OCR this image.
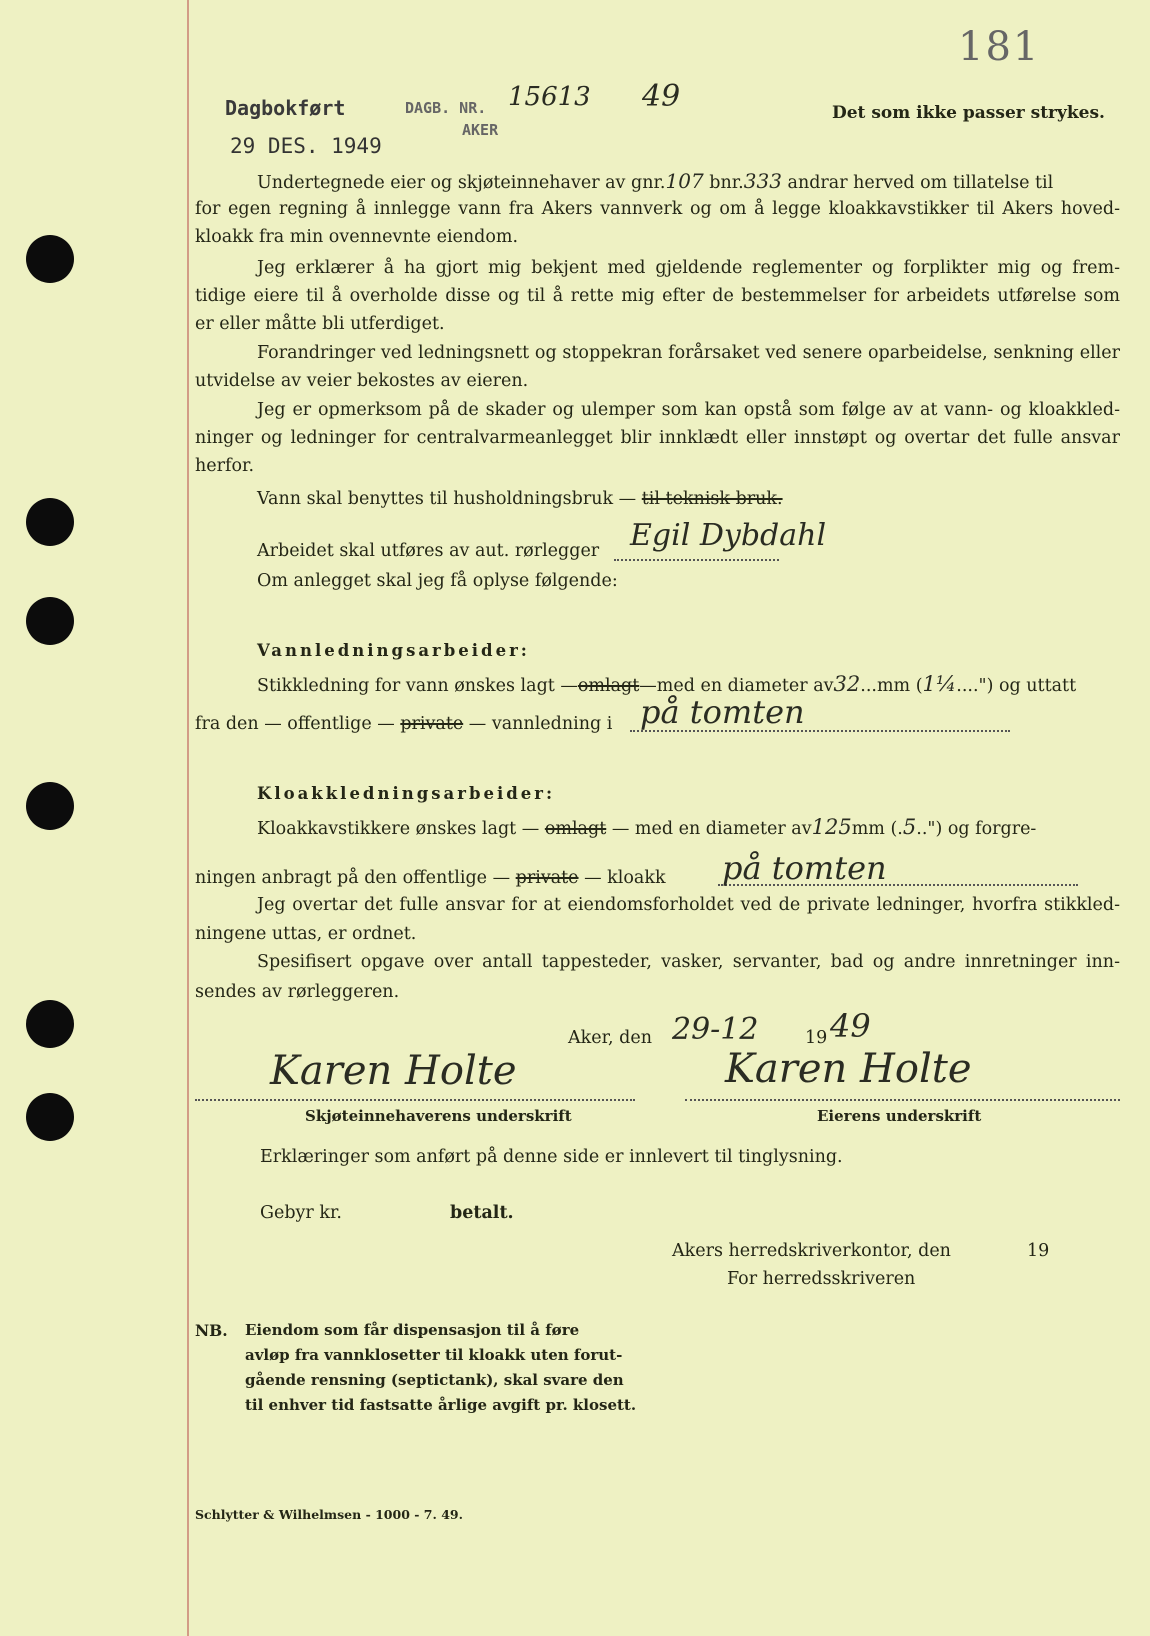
181
Dagbokført	DAGB. NR. 15613 49
AKER
29 DES. 1949
Det som ikke passer strykes.
Undertegnede eier og skjøteinnehaver av gnr.107 bnr.333 andrar herved om tillatelse til
for egen regning å innlegge vann fra Akers vannverk og om å legge kloakkavstikker til Akers hoved-
kloakk fra min ovennevnte eiendom.
Jeg erklærer å ha gjort mig bekjent med gjeldende reglementer og forplikter mig og frem-
tidige eiere til å overholde disse og til å rette mig efter de bestemmelser for arbeidets utførelse som
er eller måtte bli utferdiget.
Forandringer ved ledningsnett og stoppekran forårsaket ved senere oparbeidelse, senkning eller
utvidelse av veier bekostes av eieren.
Jeg er opmerksom på de skader og ulemper som kan opstå som følge av at vann- og kloakkled-
ninger og ledninger for centralvarmeanlegget blir innklædt eller innstøpt og overtar det fulle ansvar
herfor.
Vann skal benyttes til husholdningsbruk — til teknisk bruk.
Arbeidet skal utføres av aut. rørlegger Egil Dybdahl
Om anlegget skal jeg få oplyse følgende:
Vannledningsarbeider:
Stikkledning for vann ønskes lagt —omlagt—med en diameter av32...mm (1¼....") og uttatt
fra den — offentlige — private — vannledning i på tomten
Kloakkledningsarbeider:
Kloakkavstikkere ønskes lagt — omlagt — med en diameter av125mm (.5..") og forgre-
ningen anbragt på den offentlige — private — kloakk på tomten
Jeg overtar det fulle ansvar for at eiendomsforholdet ved de private ledninger, hvorfra stikkled-
ningene uttas, er ordnet.
Spesifisert opgave over antall tappesteder, vasker, servanter, bad og andre innretninger inn-
sendes av rørleggeren.
Aker, den 29-12	19 49
Karen Holte
Skjøteinnehaverens underskrift
Karen Holte
Eierens underskrift
Erklæringer som anført på denne side er innlevert til tinglysning.
Gebyr kr.	betalt.
Akers herredskriverkontor, den	19
For herredsskriveren
NB. Eiendom som får dispensasjon til å føre
avløp fra vannklosetter til kloakk uten forut-
gående rensning (septictank), skal svare den
til enhver tid fastsatte årlige avgift pr. klosett.
Schlytter & Wilhelmsen - 1000 - 7. 49.
